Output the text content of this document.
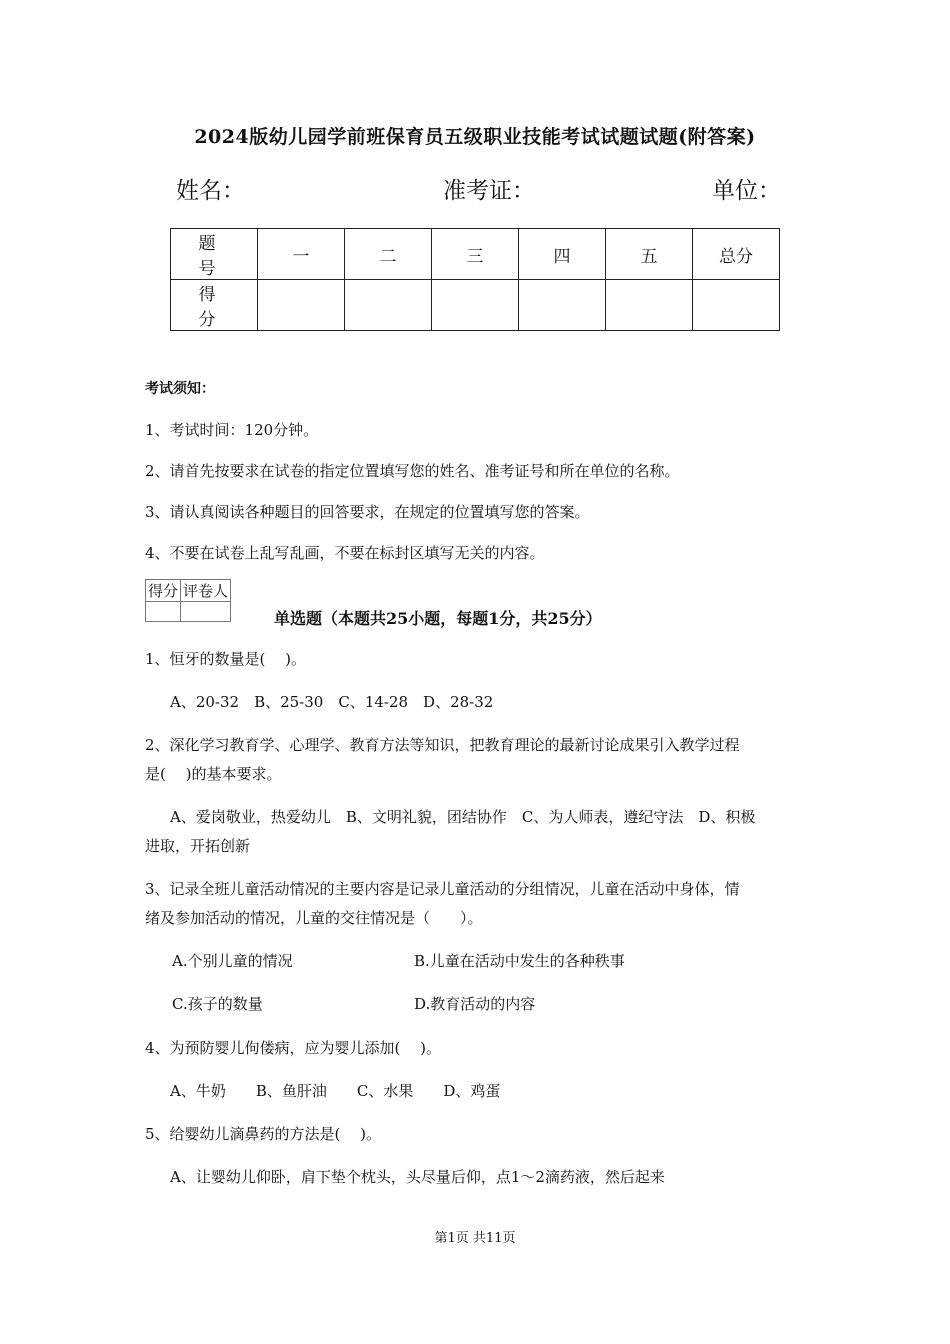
2024版幼儿园学前班保育员五级职业技能考试试题试题(附答案)
姓名：	准考证：	单位：
题　号	一	二	三	四	五	总分
得　分						
考试须知：
1、考试时间：120分钟。
2、请首先按要求在试卷的指定位置填写您的姓名、准考证号和所在单位的名称。
3、请认真阅读各种题目的回答要求，在规定的位置填写您的答案。
4、不要在试卷上乱写乱画，不要在标封区填写无关的内容。
得分	评卷人

单选题（本题共25小题，每题1分，共25分）
1、恒牙的数量是(　 )。
A、20-32　B、25-30　C、14-28　D、28-32
2、深化学习教育学、心理学、教育方法等知识，把教育理论的最新讨论成果引入教学过程
是(　 )的基本要求。
A、爱岗敬业，热爱幼儿　B、文明礼貌，团结协作　C、为人师表，遵纪守法　D、积极
进取，开拓创新
3、记录全班儿童活动情况的主要内容是记录儿童活动的分组情况，儿童在活动中身体，情
绪及参加活动的情况，儿童的交往情况是（　　）。
A.个别儿童的情况	B.儿童在活动中发生的各种秩事
C.孩子的数量	D.教育活动的内容
4、为预防婴儿佝偻病，应为婴儿添加(　 )。
A、牛奶　　B、鱼肝油　　C、水果　　D、鸡蛋
5、给婴幼儿滴鼻药的方法是(　 )。
A、让婴幼儿仰卧，肩下垫个枕头，头尽量后仰，点1～2滴药液，然后起来
第1页 共11页
